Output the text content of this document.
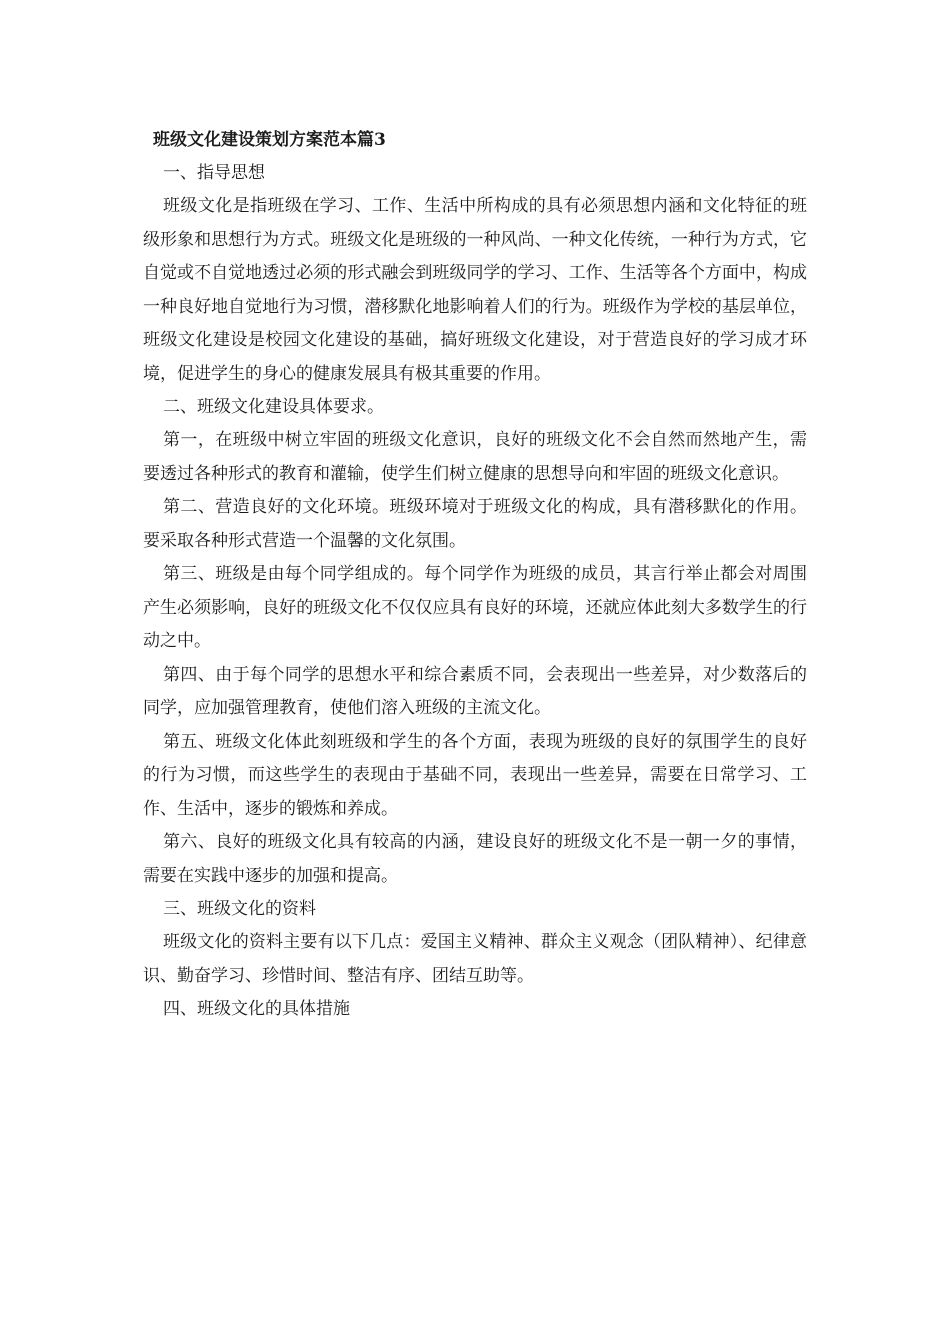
班级文化建设策划方案范本篇3

一、指导思想

班级文化是指班级在学习、工作、生活中所构成的具有必须思想内涵和文化特征的班级形象和思想行为方式。班级文化是班级的一种风尚、一种文化传统，一种行为方式，它自觉或不自觉地透过必须的形式融会到班级同学的学习、工作、生活等各个方面中，构成一种良好地自觉地行为习惯，潜移默化地影响着人们的行为。班级作为学校的基层单位，班级文化建设是校园文化建设的基础，搞好班级文化建设，对于营造良好的学习成才环境，促进学生的身心的健康发展具有极其重要的作用。

二、班级文化建设具体要求。

第一，在班级中树立牢固的班级文化意识，良好的班级文化不会自然而然地产生，需要透过各种形式的教育和灌输，使学生们树立健康的思想导向和牢固的班级文化意识。

第二、营造良好的文化环境。班级环境对于班级文化的构成，具有潜移默化的作用。要采取各种形式营造一个温馨的文化氛围。

第三、班级是由每个同学组成的。每个同学作为班级的成员，其言行举止都会对周围产生必须影响，良好的班级文化不仅仅应具有良好的环境，还就应体此刻大多数学生的行动之中。

第四、由于每个同学的思想水平和综合素质不同，会表现出一些差异，对少数落后的同学，应加强管理教育，使他们溶入班级的主流文化。

第五、班级文化体此刻班级和学生的各个方面，表现为班级的良好的氛围学生的良好的行为习惯，而这些学生的表现由于基础不同，表现出一些差异，需要在日常学习、工作、生活中，逐步的锻炼和养成。

第六、良好的班级文化具有较高的内涵，建设良好的班级文化不是一朝一夕的事情，需要在实践中逐步的加强和提高。

三、班级文化的资料

班级文化的资料主要有以下几点：爱国主义精神、群众主义观念（团队精神）、纪律意识、勤奋学习、珍惜时间、整洁有序、团结互助等。

四、班级文化的具体措施
